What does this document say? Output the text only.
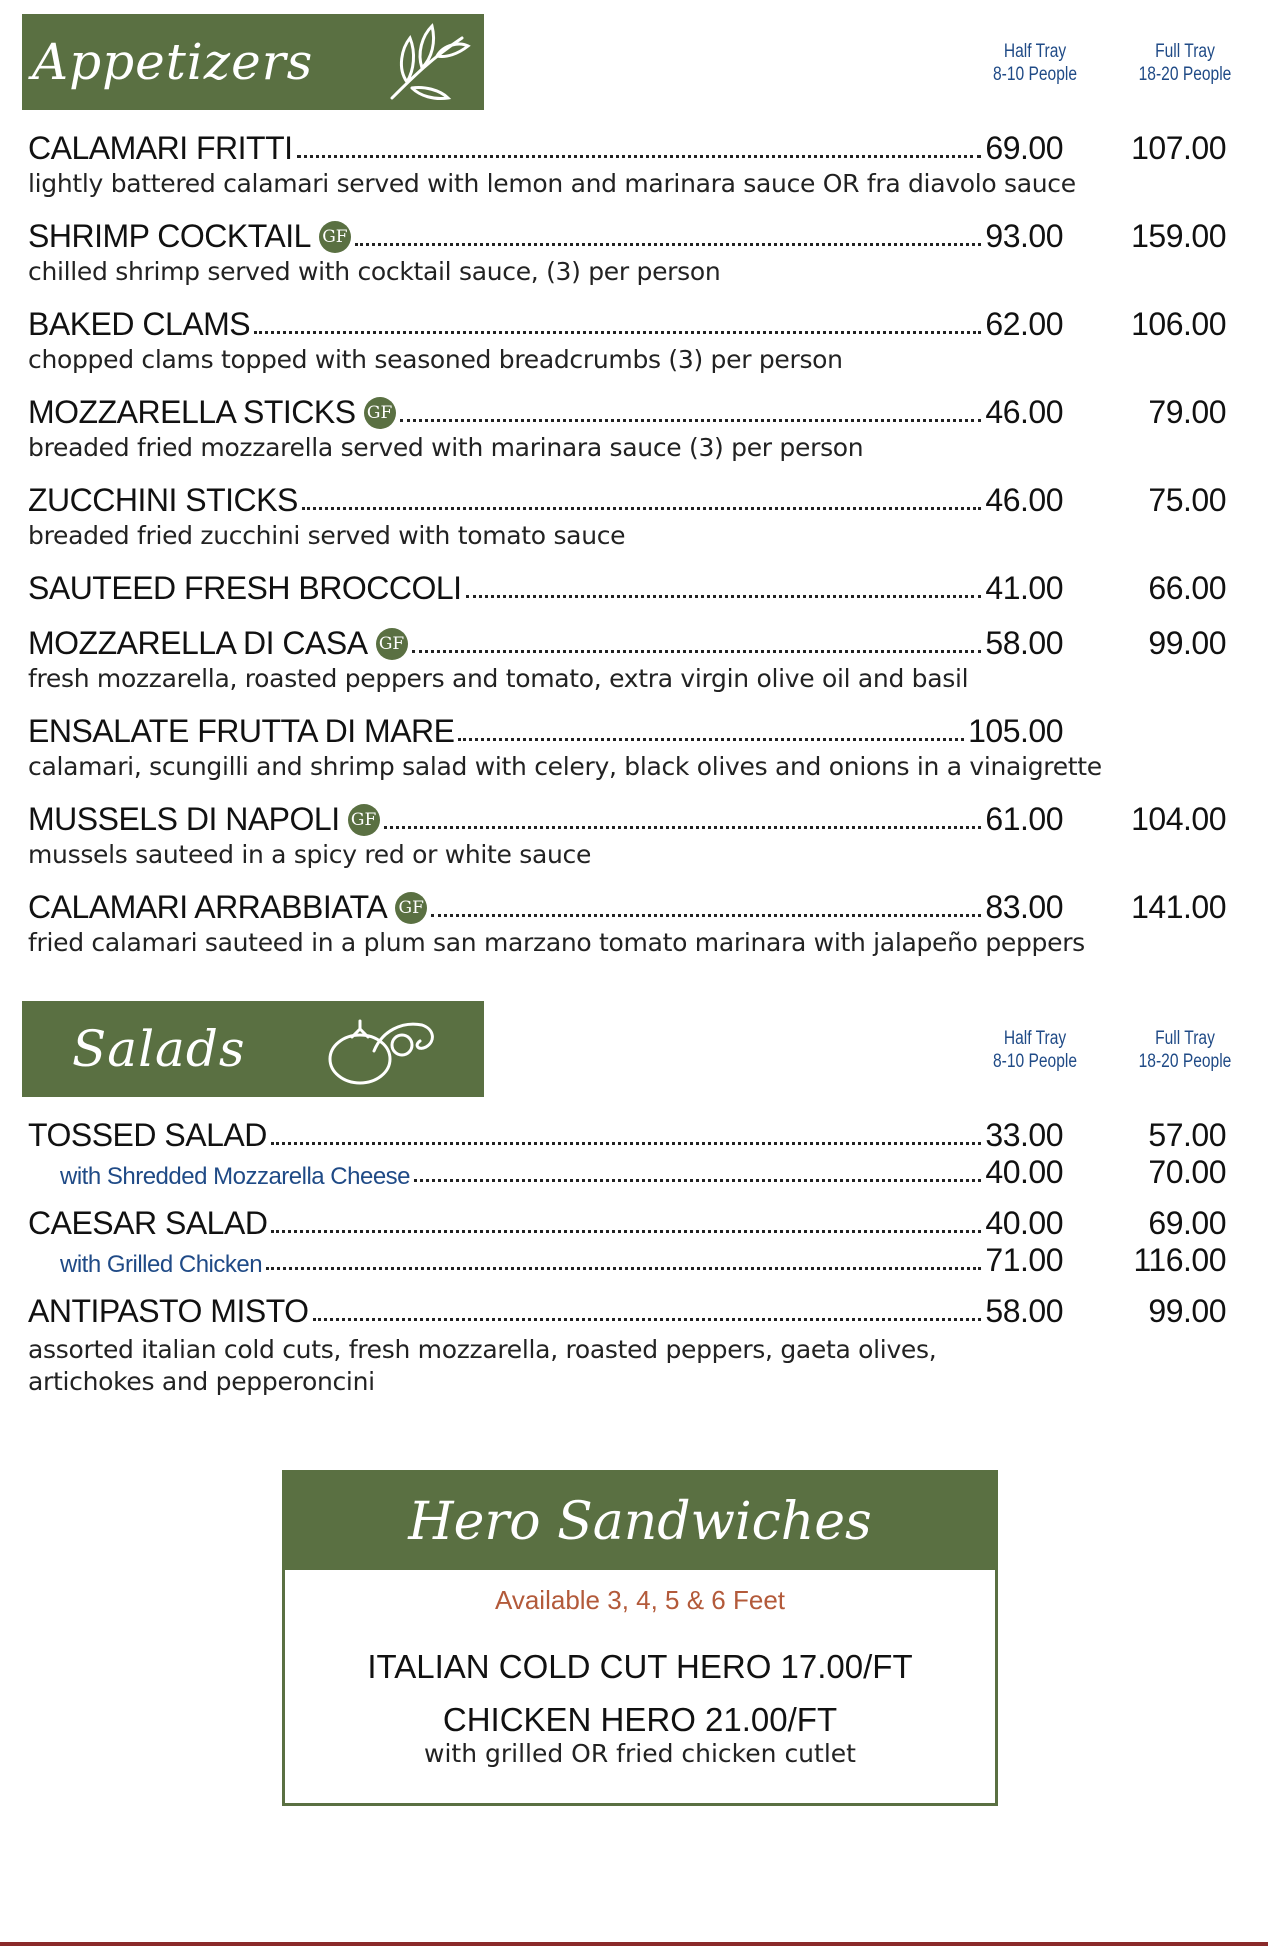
Appetizers	Half Tray
8-10 People
Full Tray
18-20 People
CALAMARI FRITTI	69.00 107.00
lightly battered calamari served with lemon and marinara sauce OR fra diavolo sauce
SHRIMP COCKTAIL GF	93.00 159.00
chilled shrimp served with cocktail sauce, (3) per person
BAKED CLAMS	62.00 106.00
chopped clams topped with seasoned breadcrumbs (3) per person
MOZZARELLA STICKS GF	46.00	79.00
breaded fried mozzarella served with marinara sauce (3) per person
ZUCCHINI STICKS	46.00	75.00
breaded fried zucchini served with tomato sauce
SAUTEED FRESH BROCCOLI	41.00	66.00
MOZZARELLA DI CASA GF	58.00	99.00
fresh mozzarella, roasted peppers and tomato, extra virgin olive oil and basil
ENSALATE FRUTTA DI MARE	105.00
calamari, scungilli and shrimp salad with celery, black olives and onions in a vinaigrette
MUSSELS DI NAPOLI GF	61.00 104.00
mussels sauteed in a spicy red or white sauce
CALAMARI ARRABBIATA GF	83.00 141.00
fried calamari sauteed in a plum san marzano tomato marinara with jalapeño peppers
Salads	Half Tray
8-10 People
Full Tray
18-20 People
TOSSED SALAD	33.00	57.00
with Shredded Mozzarella Cheese	40.00	70.00
CAESAR SALAD	40.00	69.00
with Grilled Chicken	71.00 116.00
ANTIPASTO MISTO	58.00	99.00
assorted italian cold cuts, fresh mozzarella, roasted peppers, gaeta olives,
artichokes and pepperoncini
Hero Sandwiches
Available 3, 4, 5 & 6 Feet
ITALIAN COLD CUT HERO 17.00/FT
CHICKEN HERO 21.00/FT
with grilled OR fried chicken cutlet
